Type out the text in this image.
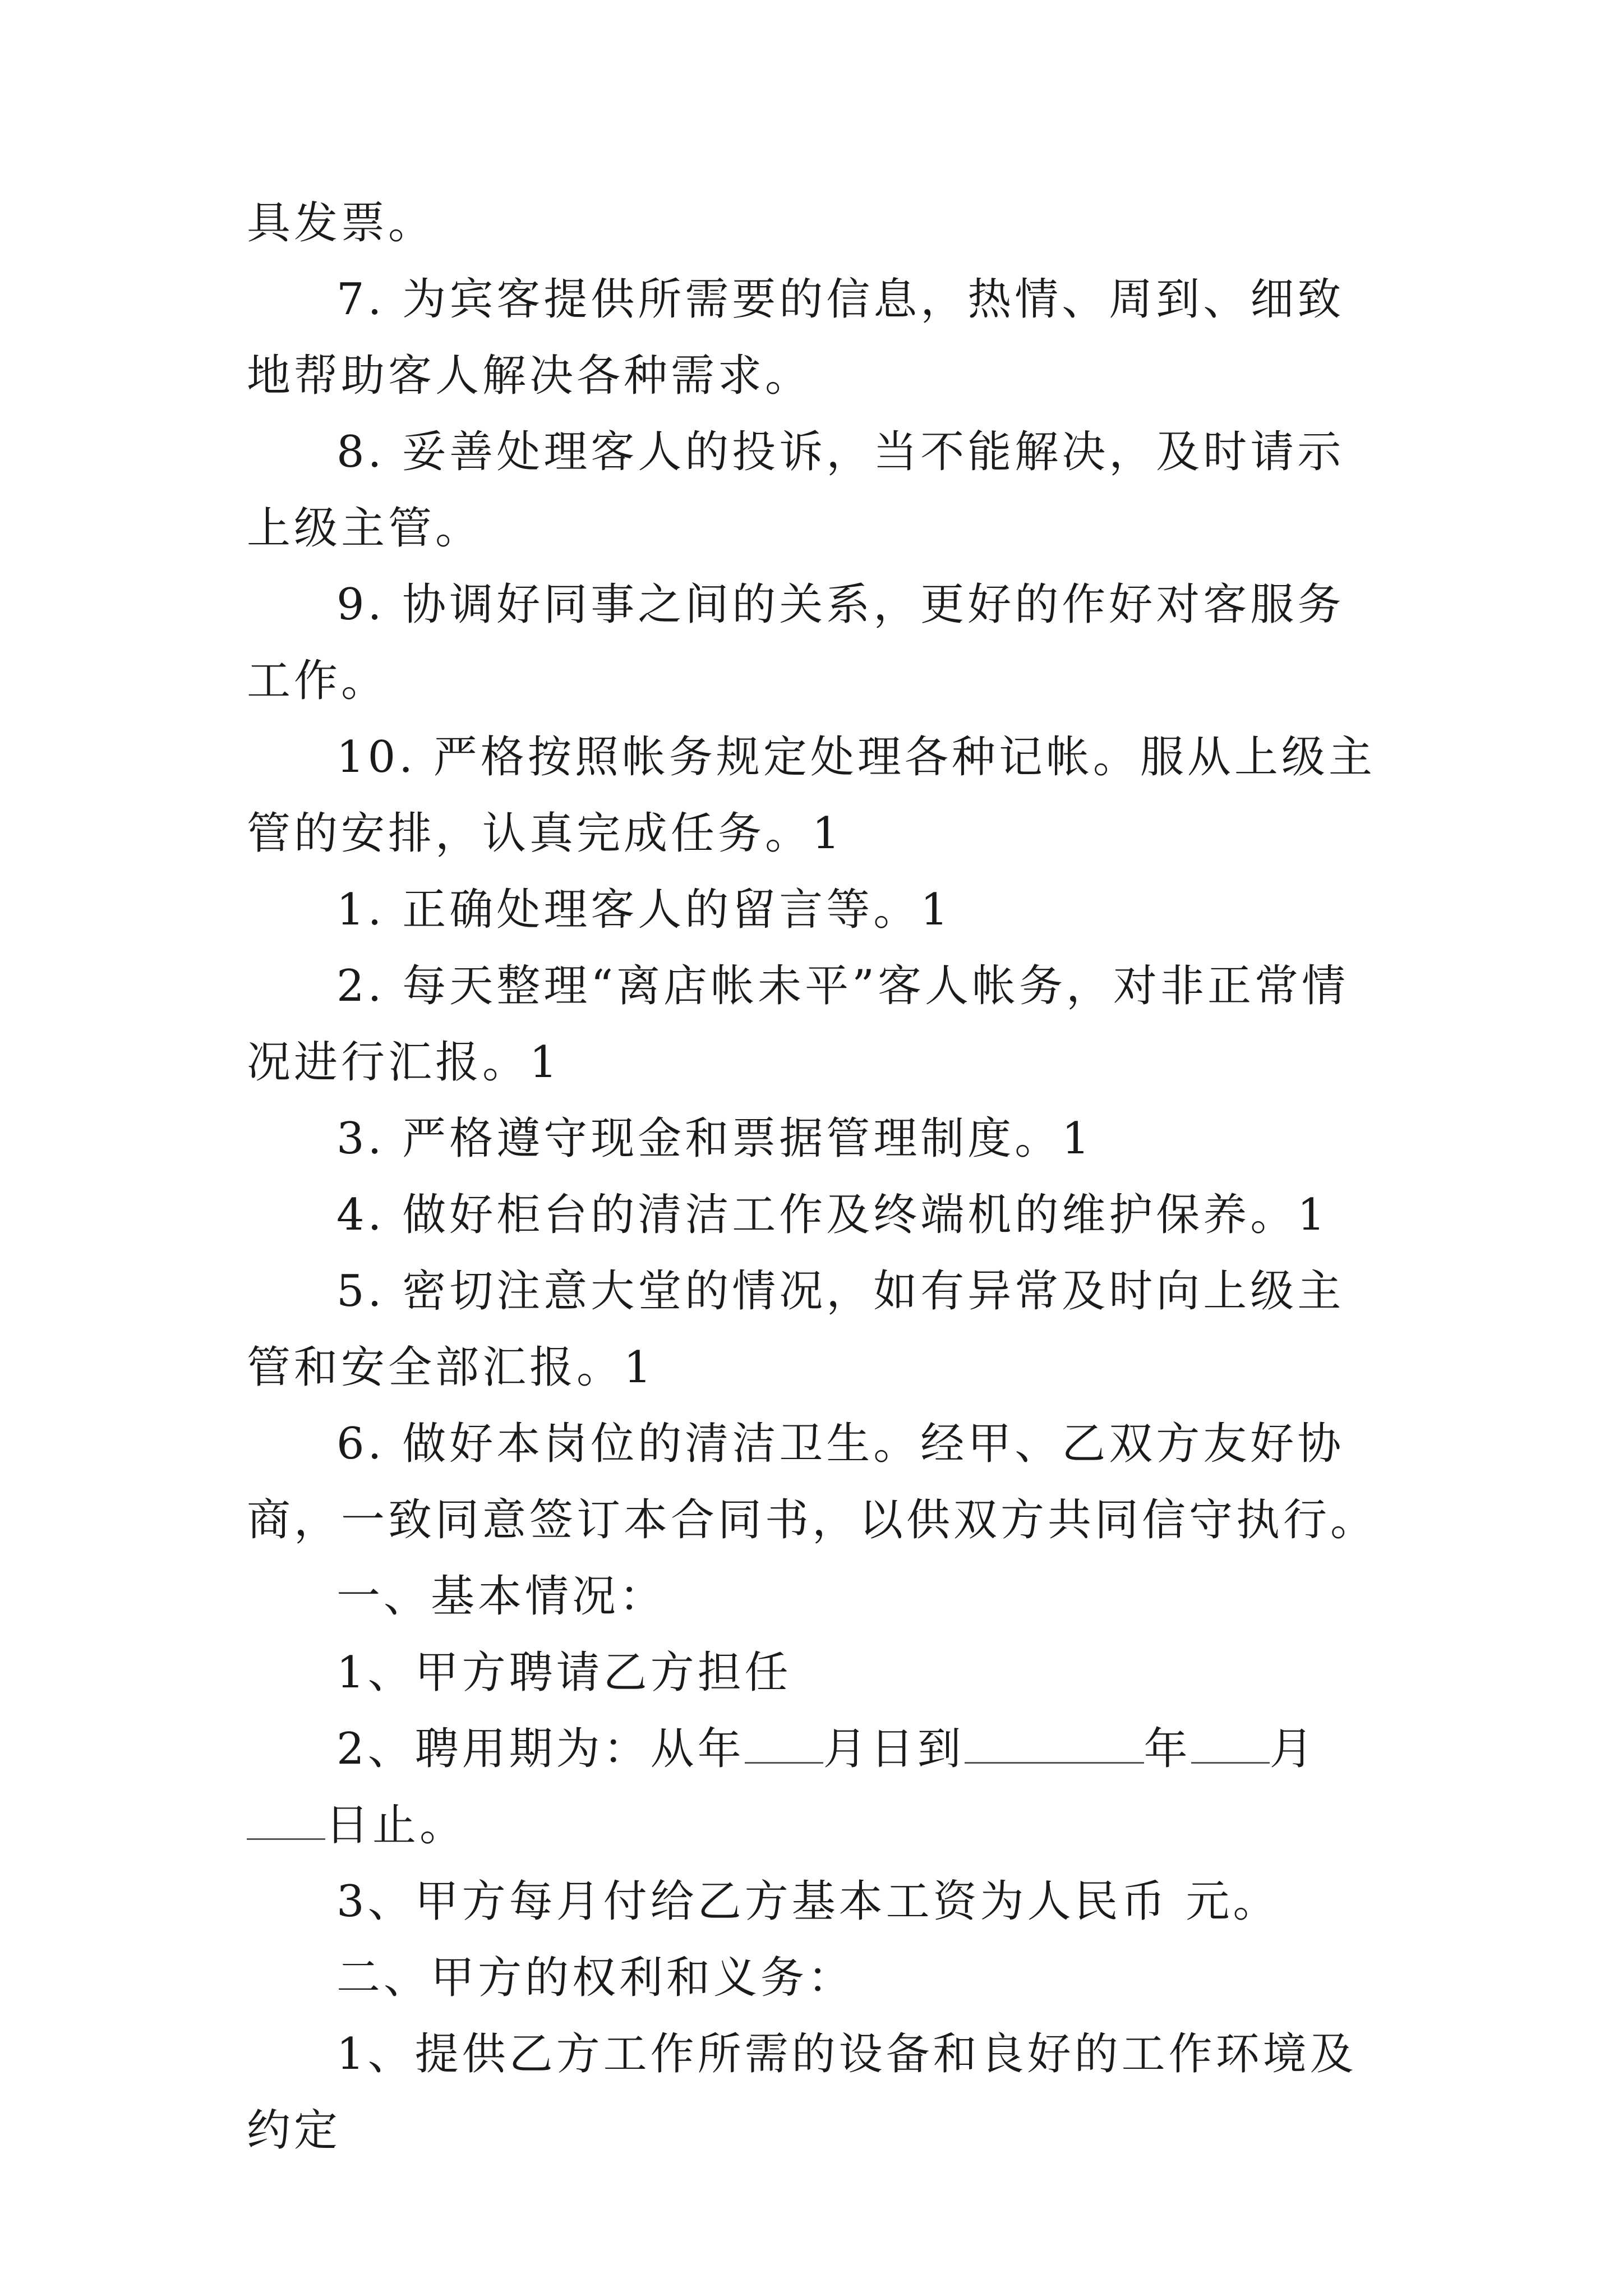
具发票。

7. 为宾客提供所需要的信息，热情、周到、细致地帮助客人解决各种需求。

8. 妥善处理客人的投诉，当不能解决，及时请示上级主管。

9. 协调好同事之间的关系，更好的作好对客服务工作。

10. 严格按照帐务规定处理各种记帐。服从上级主管的安排，认真完成任务。1

1. 正确处理客人的留言等。1

2. 每天整理“离店帐未平”客人帐务，对非正常情况进行汇报。1

3. 严格遵守现金和票据管理制度。1

4. 做好柜台的清洁工作及终端机的维护保养。1

5. 密切注意大堂的情况，如有异常及时向上级主管和安全部汇报。1

6. 做好本岗位的清洁卫生。经甲、乙双方友好协商，一致同意签订本合同书，以供双方共同信守执行。

一、基本情况：

1、甲方聘请乙方担任

2、聘用期为：从年 月日到	年 月日止。

3、甲方每月付给乙方基本工资为人民币 元。

二、甲方的权利和义务：

1、提供乙方工作所需的设备和良好的工作环境及约定
